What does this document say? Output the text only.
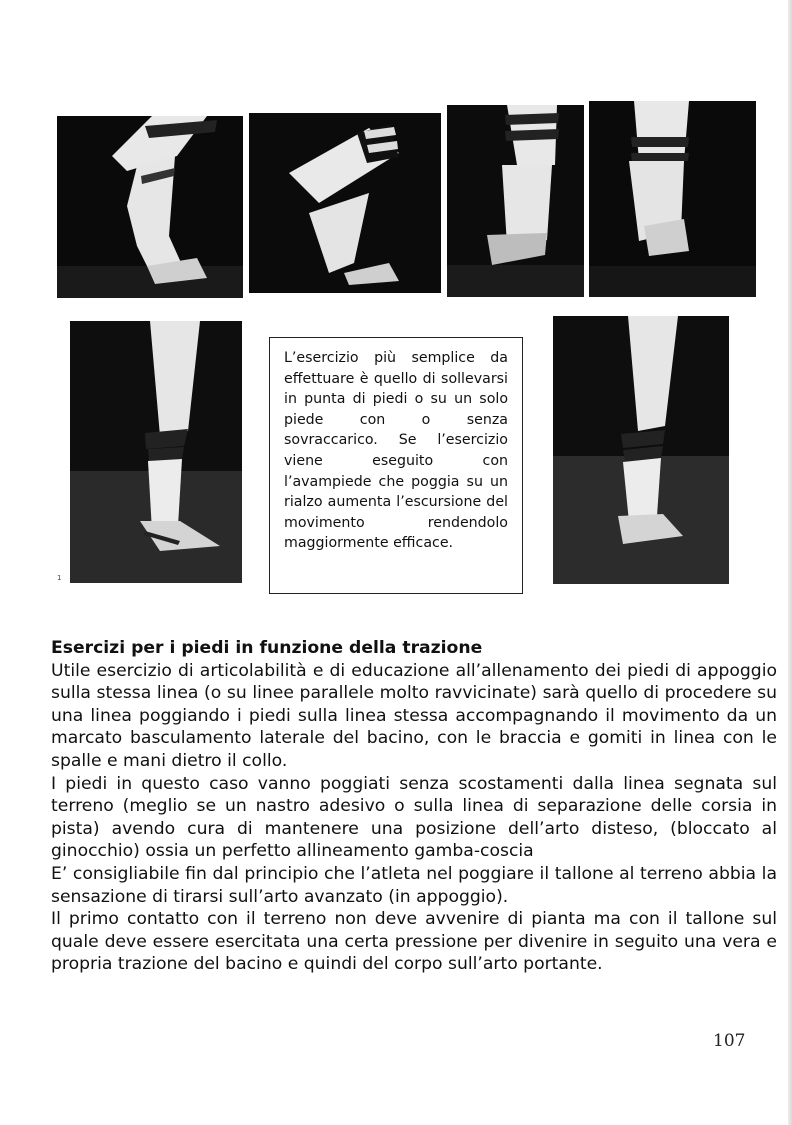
1
L’esercizio più semplice da effettuare è quello di sollevarsi in punta di piedi o su un solo piede con o senza sovraccarico. Se l’esercizio viene eseguito con l’avampiede che poggia su un rialzo aumenta l’escursione del movimento rendendolo maggiormente efficace.

Esercizi per i piedi in funzione della trazione

Utile esercizio di articolabilità e di educazione all’allenamento dei piedi di appoggio sulla stessa linea (o su linee parallele molto ravvicinate) sarà quello di procedere su una linea poggiando i piedi sulla linea stessa accompagnando il movimento da un marcato basculamento laterale del bacino, con le braccia e gomiti in linea con le spalle e mani dietro il collo.

I piedi in questo caso vanno poggiati senza scostamenti dalla linea segnata sul terreno (meglio se un nastro adesivo o sulla linea di separazione delle corsia in pista) avendo cura di mantenere una posizione dell’arto disteso, (bloccato al ginocchio) ossia un perfetto allineamento gamba-coscia

E’ consigliabile fin dal principio che l’atleta nel poggiare il tallone al terreno abbia la sensazione di tirarsi sull’arto avanzato (in appoggio).

Il primo contatto con il terreno non deve avvenire di pianta ma con il tallone sul quale deve essere esercitata una certa pressione per divenire in seguito una vera e propria trazione del bacino e quindi del corpo sull’arto portante.

107
